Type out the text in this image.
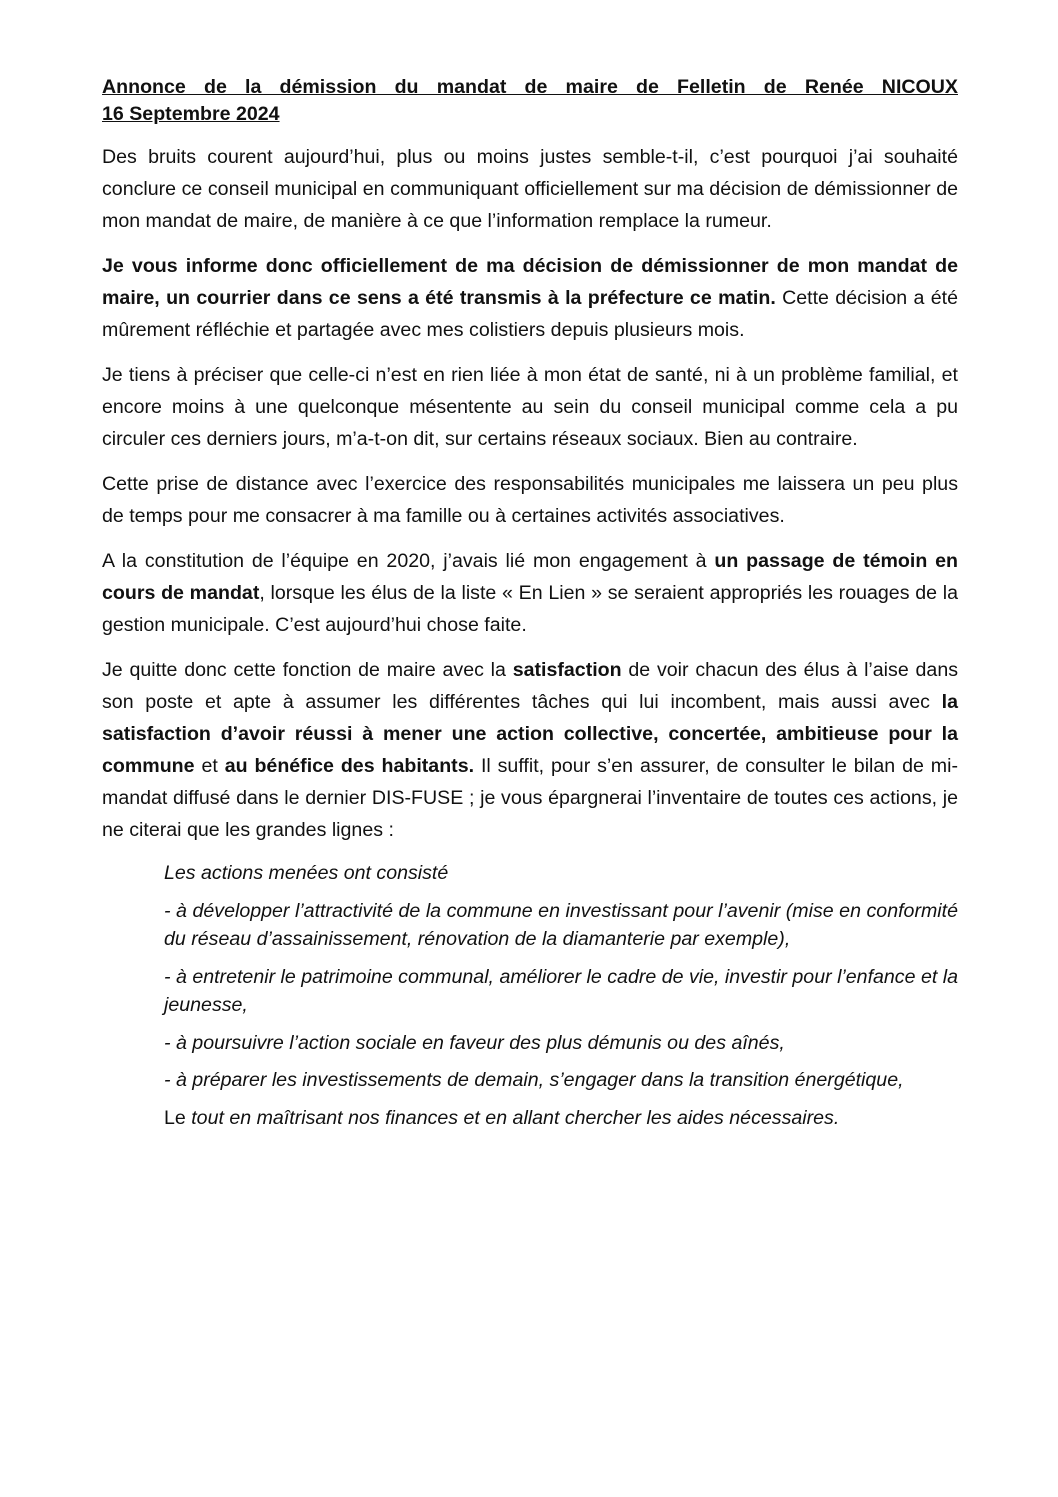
Annonce de la démission du mandat de maire de Felletin de Renée NICOUX
16 Septembre 2024

Des bruits courent aujourd’hui, plus ou moins justes semble-t-il, c’est pourquoi j’ai souhaité conclure ce conseil municipal en communiquant officiellement sur ma décision de démissionner de mon mandat de maire, de manière à ce que l’information remplace la rumeur.

Je vous informe donc officiellement de ma décision de démissionner de mon mandat de maire, un courrier dans ce sens a été transmis à la préfecture ce matin. Cette décision a été mûrement réfléchie et partagée avec mes colistiers depuis plusieurs mois.

Je tiens à préciser que celle-ci n’est en rien liée à mon état de santé, ni à un problème familial, et encore moins à une quelconque mésentente au sein du conseil municipal comme cela a pu circuler ces derniers jours, m’a-t-on dit, sur certains réseaux sociaux. Bien au contraire.

Cette prise de distance avec l’exercice des responsabilités municipales me laissera un peu plus de temps pour me consacrer à ma famille ou à certaines activités associatives.

A la constitution de l’équipe en 2020, j’avais lié mon engagement à un passage de témoin en cours de mandat, lorsque les élus de la liste « En Lien » se seraient appropriés les rouages de la gestion municipale. C’est aujourd’hui chose faite.

Je quitte donc cette fonction de maire avec la satisfaction de voir chacun des élus à l’aise dans son poste et apte à assumer les différentes tâches qui lui incombent, mais aussi avec la satisfaction d’avoir réussi à mener une action collective, concertée, ambitieuse pour la commune et au bénéfice des habitants. Il suffit, pour s’en assurer, de consulter le bilan de mi-mandat diffusé dans le dernier DIS-FUSE ; je vous épargnerai l’inventaire de toutes ces actions, je ne citerai que les grandes lignes :

Les actions menées ont consisté

- à développer l’attractivité de la commune en investissant pour l’avenir (mise en conformité du réseau d’assainissement, rénovation de la diamanterie par exemple),

- à entretenir le patrimoine communal, améliorer le cadre de vie, investir pour l’enfance et la jeunesse,

- à poursuivre l’action sociale en faveur des plus démunis ou des aînés,

- à préparer les investissements de demain, s’engager dans la transition énergétique,

Le tout en maîtrisant nos finances et en allant chercher les aides nécessaires.
